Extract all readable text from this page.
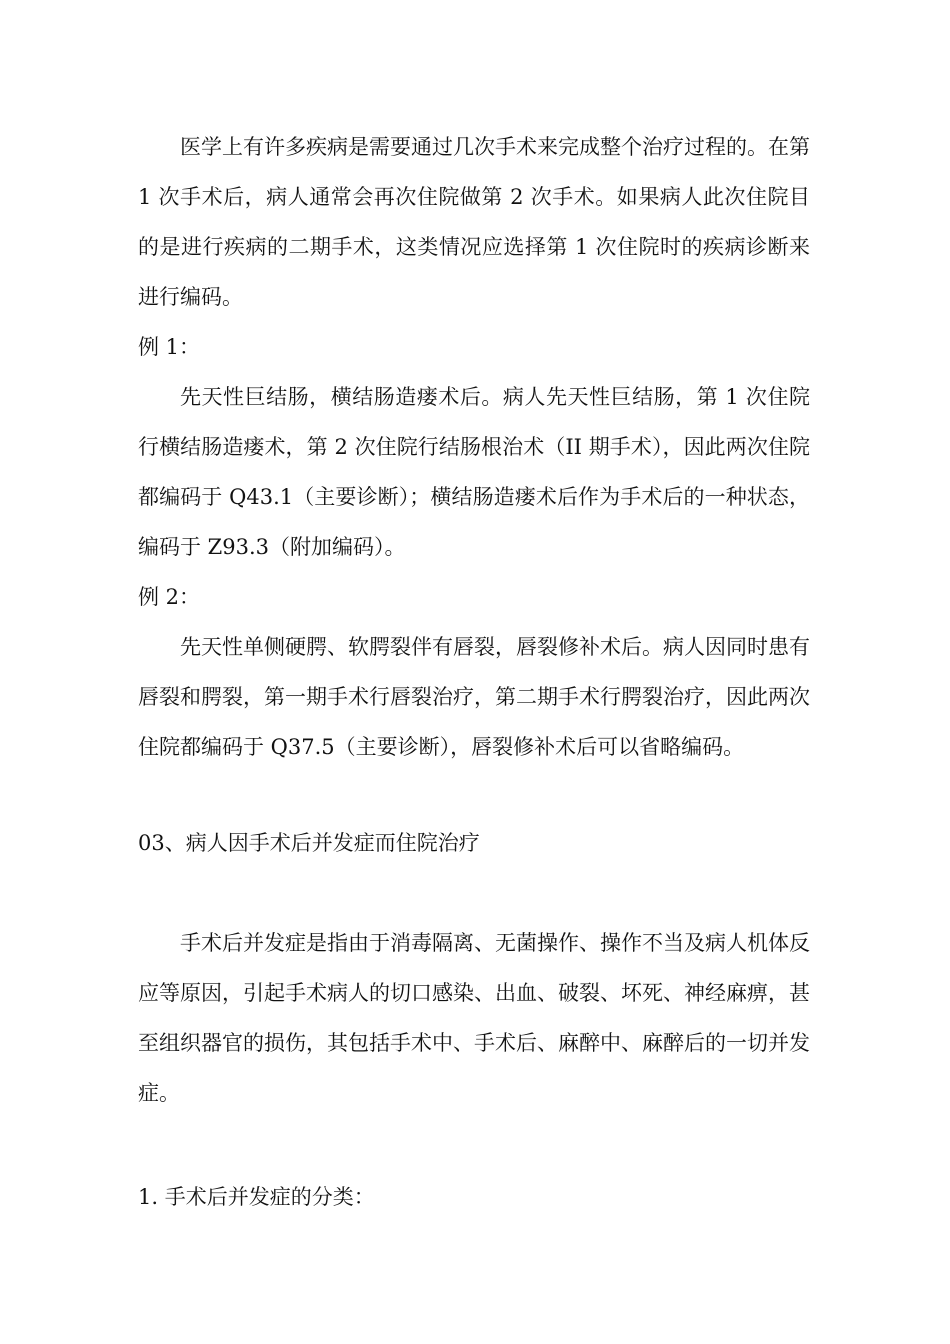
医学上有许多疾病是需要通过几次手术来完成整个治疗过程的。在第 1 次手术后，病人通常会再次住院做第 2 次手术。如果病人此次住院目的是进行疾病的二期手术，这类情况应选择第 1 次住院时的疾病诊断来进行编码。

例 1：

先天性巨结肠，横结肠造瘘术后。病人先天性巨结肠，第 1 次住院行横结肠造瘘术，第 2 次住院行结肠根治术（II 期手术），因此两次住院都编码于 Q43.1（主要诊断）；横结肠造瘘术后作为手术后的一种状态，编码于 Z93.3（附加编码）。

例 2：

先天性单侧硬腭、软腭裂伴有唇裂，唇裂修补术后。病人因同时患有唇裂和腭裂，第一期手术行唇裂治疗，第二期手术行腭裂治疗，因此两次住院都编码于 Q37.5（主要诊断），唇裂修补术后可以省略编码。

03、病人因手术后并发症而住院治疗

手术后并发症是指由于消毒隔离、无菌操作、操作不当及病人机体反应等原因，引起手术病人的切口感染、出血、破裂、坏死、神经麻痹，甚至组织器官的损伤，其包括手术中、手术后、麻醉中、麻醉后的一切并发症。

1. 手术后并发症的分类：
